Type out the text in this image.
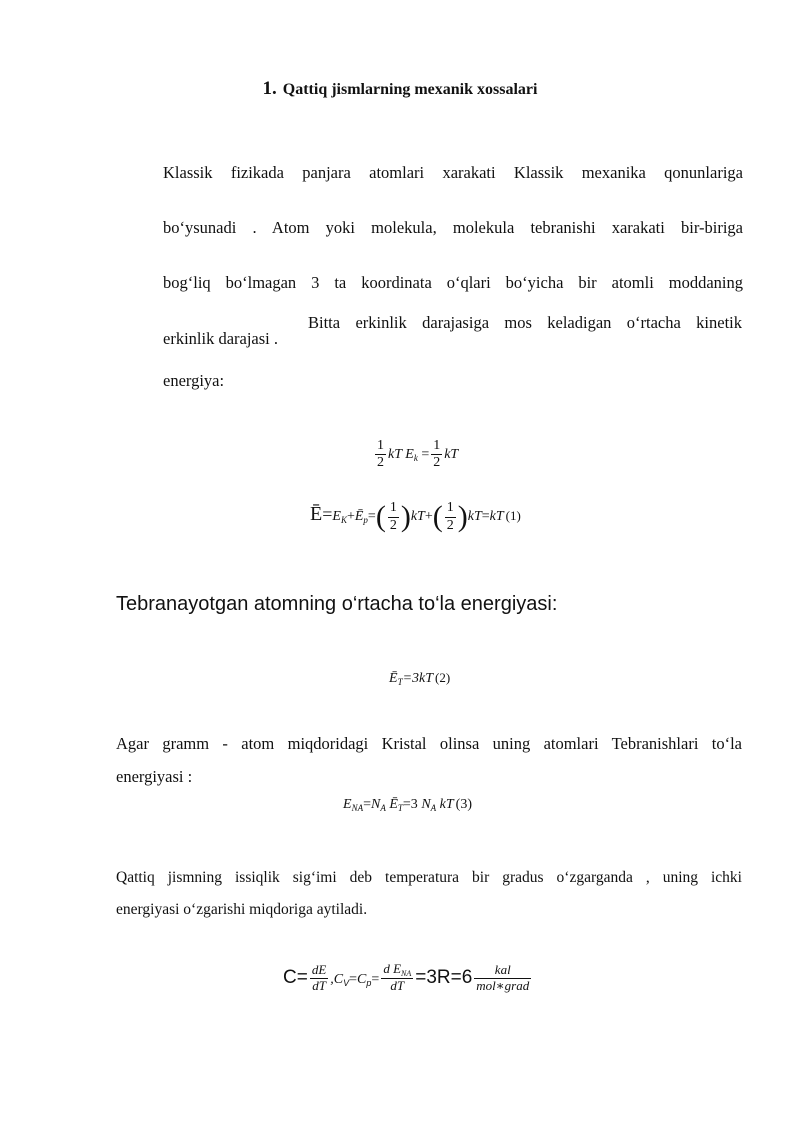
1. Qattiq jismlarning mexanik xossalari
Klassik fizikada panjara atomlari xarakati Klassik mexanika qonunlariga
bo‘ysunadi . Atom yoki molekula, molekula tebranishi xarakati bir-biriga
bog‘liq bo‘lmagan 3 ta koordinata o‘qlari bo‘yicha bir atomli moddaning
erkinlik darajasi .
Bitta erkinlik darajasiga mos keladigan o‘rtacha kinetik
energiya:
$\frac{1}{2}$ kT $E_k = \frac{1}{2}$ kT
$Ē=E_K+Ē_p=( \frac{1}{2} )kT+( \frac{1}{2} )kT=kT$ (1)
Tebranayotgan atomning o‘rtacha to‘la energiyasi:
$Ē_T=3kT$ (2)
Agar gramm - atom miqdoridagi Kristal olinsa uning atomlari Tebranishlari to‘la
energiyasi :
$E_{NA}=N_A$ $Ē_T=3$ $N_A$ kT (3)
Qattiq jismning issiqlik sig‘imi deb temperatura bir gradus o‘zgarganda , uning ichki
energiyasi o‘zgarishi miqdoriga aytiladi.
$C= \frac{dE}{dT} ,C_V=C_p= \frac{d E_{NA}}{dT} =3R=6 \frac{\text{kal}}{\text{mol∗grad}}$
